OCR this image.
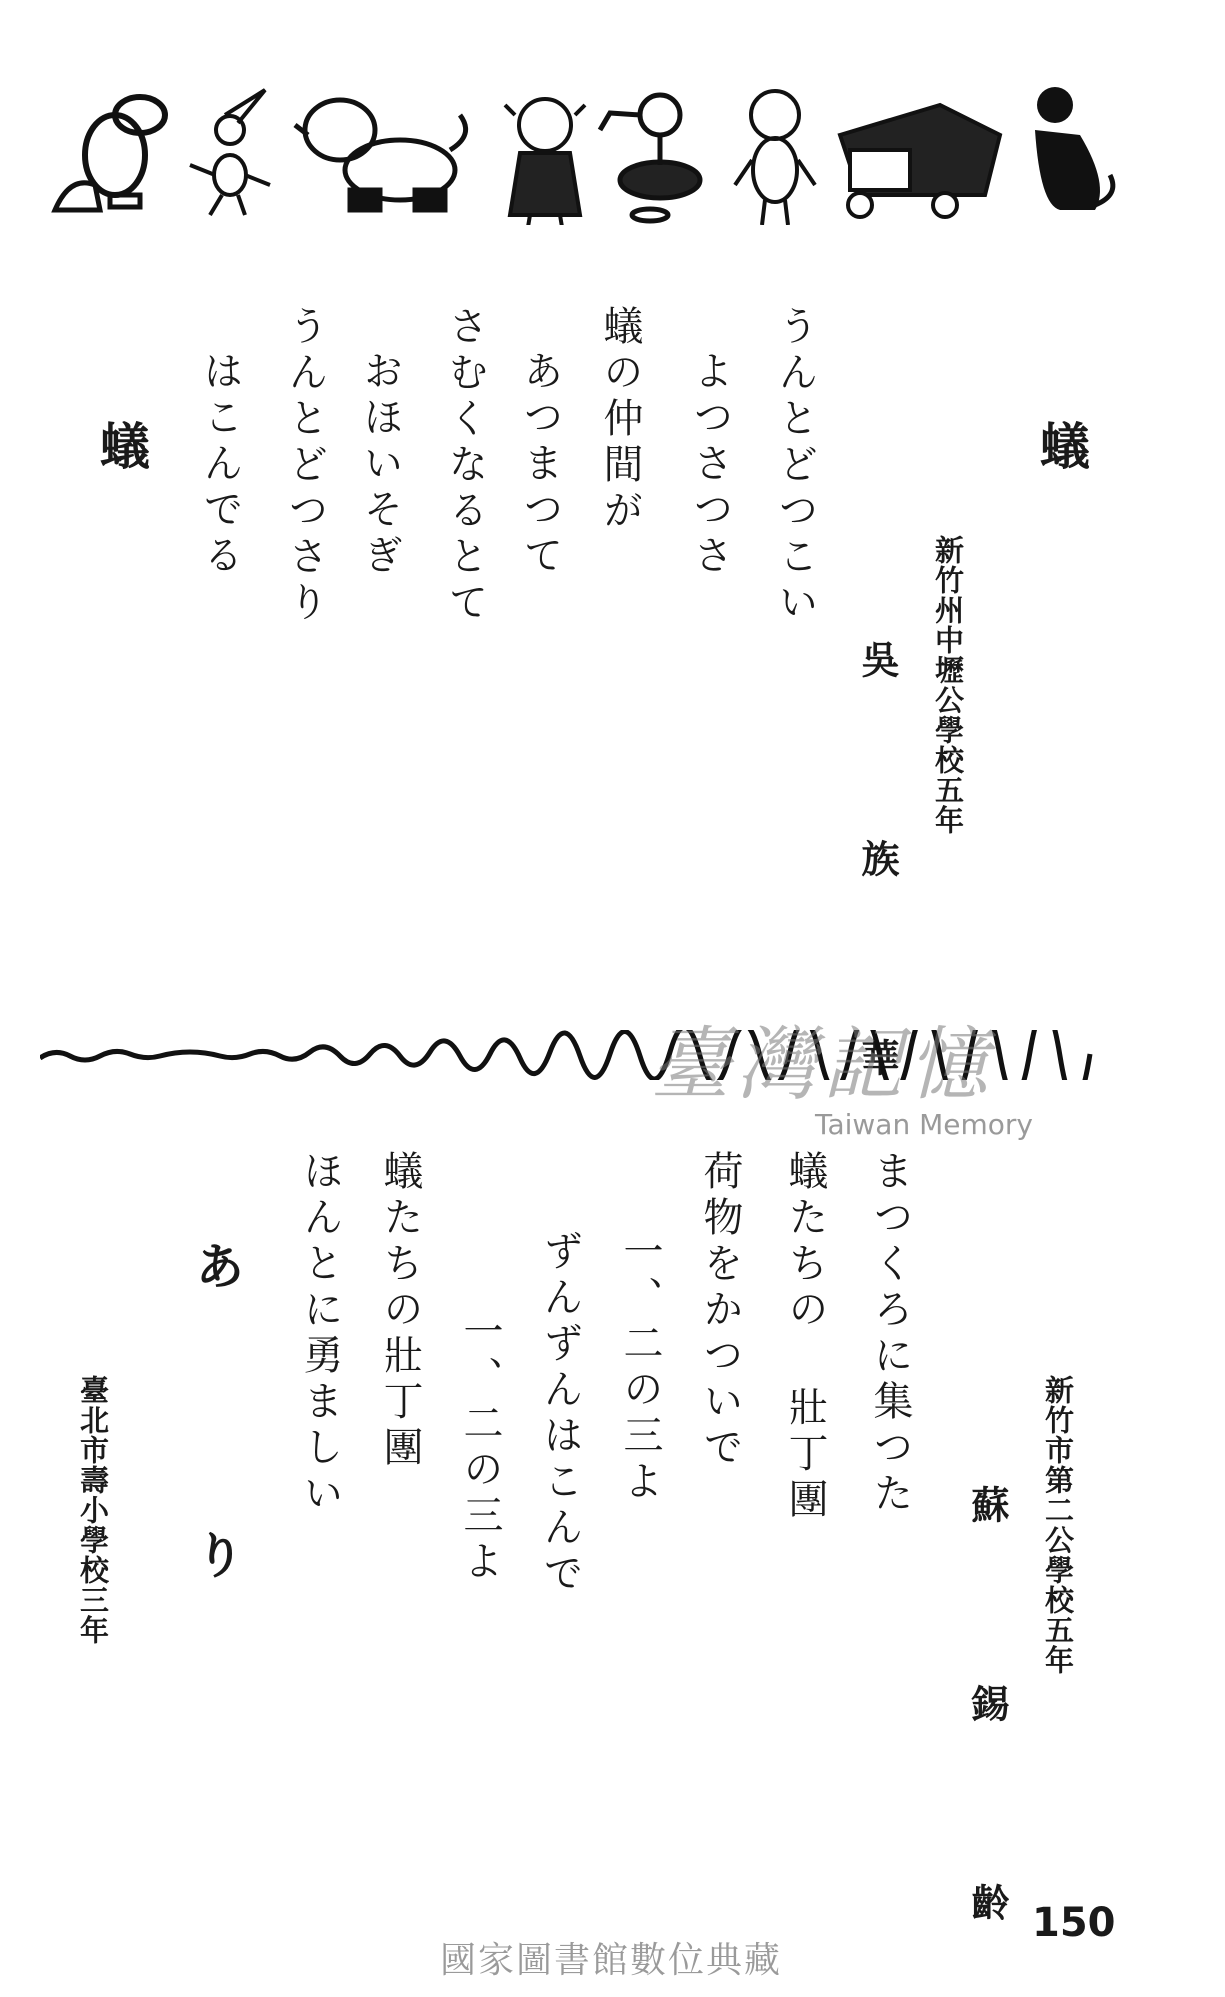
蟻
新竹州中壢公學校五年
吳 族 華
うんとどつこい
よつさつさ
蟻の仲間が
あつまつて
さむくなるとて
おほいそぎ
うんとどつさり
はこんでる
蟻
臺灣記憶
Taiwan Memory
新竹市第二公學校五年
蘇 錫 齡
まつくろに集つた
蟻たちの 壯丁團
荷物をかついで
一、二の三よ
ずんずんはこんで
一、二の三よ
蟻たちの壯丁團
ほんとに勇ましい
あ り
臺北市壽小學校三年
150
國家圖書館數位典藏
